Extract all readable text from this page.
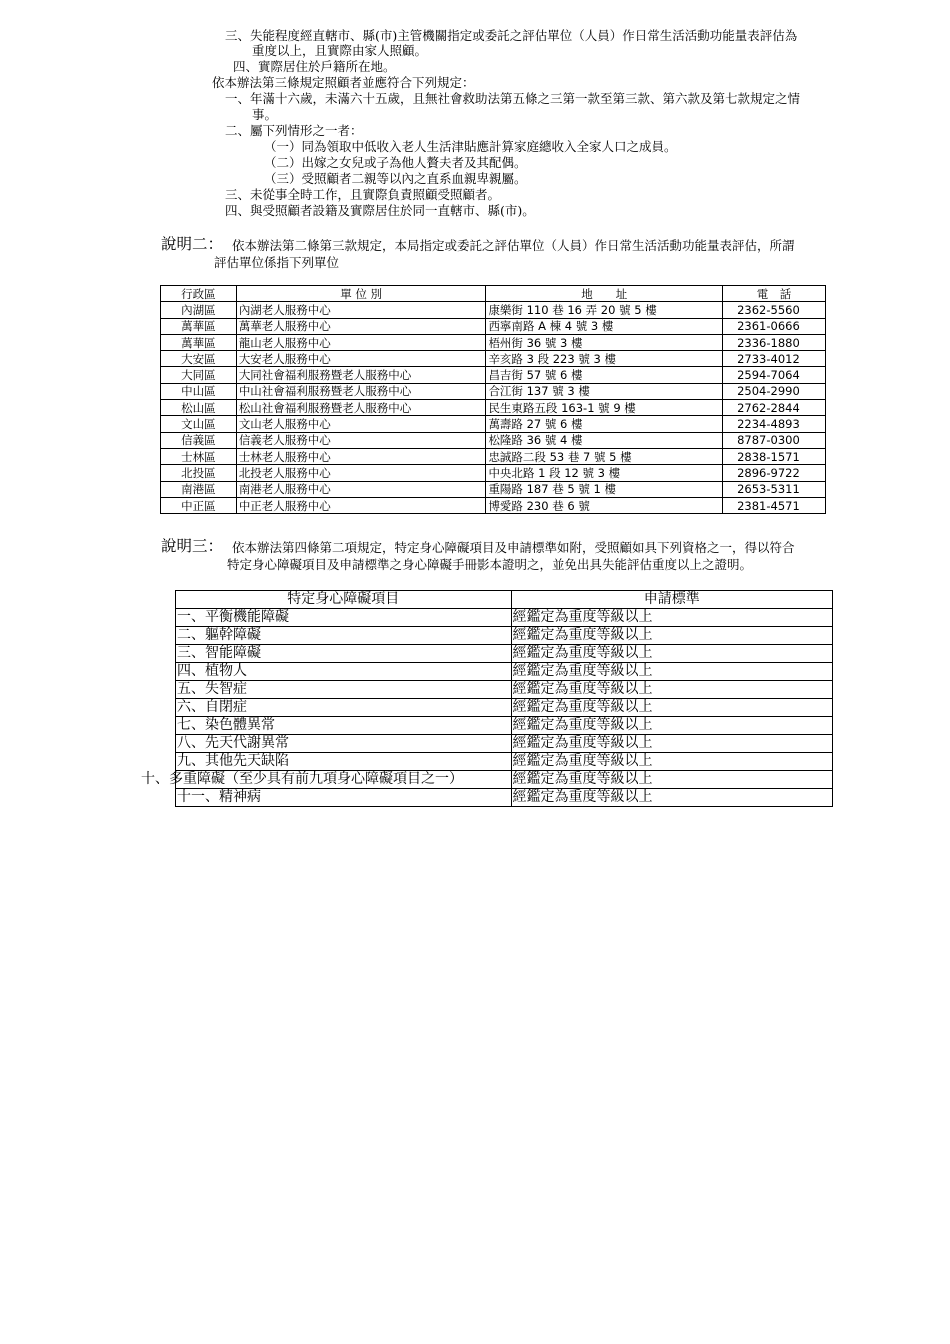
三、失能程度經直轄市、縣(市)主管機關指定或委託之評估單位（人員）作日常生活活動功能量表評估為
重度以上，且實際由家人照顧。
四、實際居住於戶籍所在地。
依本辦法第三條規定照顧者並應符合下列規定：
一、年滿十六歲，未滿六十五歲，且無社會救助法第五條之三第一款至第三款、第六款及第七款規定之情
事。
二、屬下列情形之一者：
（一）同為領取中低收入老人生活津貼應計算家庭總收入全家人口之成員。
（二）出嫁之女兒或子為他人贅夫者及其配偶。
（三）受照顧者二親等以內之直系血親卑親屬。
三、未從事全時工作，且實際負責照顧受照顧者。
四、與受照顧者設籍及實際居住於同一直轄市、縣(市)。
說明二： 依本辦法第二條第三款規定，本局指定或委託之評估單位（人員）作日常生活活動功能量表評估，所謂
評估單位係指下列單位
行政區	單 位 別	地　　址	電　話
內湖區	內湖老人服務中心	康樂街 110 巷 16 弄 20 號 5 樓	2362-5560
萬華區	萬華老人服務中心	西寧南路 A 棟 4 號 3 樓	2361-0666
萬華區	龍山老人服務中心	梧州街 36 號 3 樓	2336-1880
大安區	大安老人服務中心	辛亥路 3 段 223 號 3 樓	2733-4012
大同區	大同社會福利服務暨老人服務中心	昌吉街 57 號 6 樓	2594-7064
中山區	中山社會福利服務暨老人服務中心	合江街 137 號 3 樓	2504-2990
松山區	松山社會福利服務暨老人服務中心	民生東路五段 163-1 號 9 樓	2762-2844
文山區	文山老人服務中心	萬壽路 27 號 6 樓	2234-4893
信義區	信義老人服務中心	松隆路 36 號 4 樓	8787-0300
士林區	士林老人服務中心	忠誠路二段 53 巷 7 號 5 樓	2838-1571
北投區	北投老人服務中心	中央北路 1 段 12 號 3 樓	2896-9722
南港區	南港老人服務中心	重陽路 187 巷 5 號 1 樓	2653-5311
中正區	中正老人服務中心	博愛路 230 巷 6 號	2381-4571
說明三： 依本辦法第四條第二項規定，特定身心障礙項目及申請標準如附，受照顧如具下列資格之一，得以符合
特定身心障礙項目及申請標準之身心障礙手冊影本證明之，並免出具失能評估重度以上之證明。
特定身心障礙項目	申請標準
一、平衡機能障礙	經鑑定為重度等級以上
二、軀幹障礙	經鑑定為重度等級以上
三、智能障礙	經鑑定為重度等級以上
四、植物人	經鑑定為重度等級以上
五、失智症	經鑑定為重度等級以上
六、自閉症	經鑑定為重度等級以上
七、染色體異常	經鑑定為重度等級以上
八、先天代謝異常	經鑑定為重度等級以上
九、其他先天缺陷	經鑑定為重度等級以上
十、多重障礙（至少具有前九項身心障礙項目之一）	經鑑定為重度等級以上
十一、精神病	經鑑定為重度等級以上
